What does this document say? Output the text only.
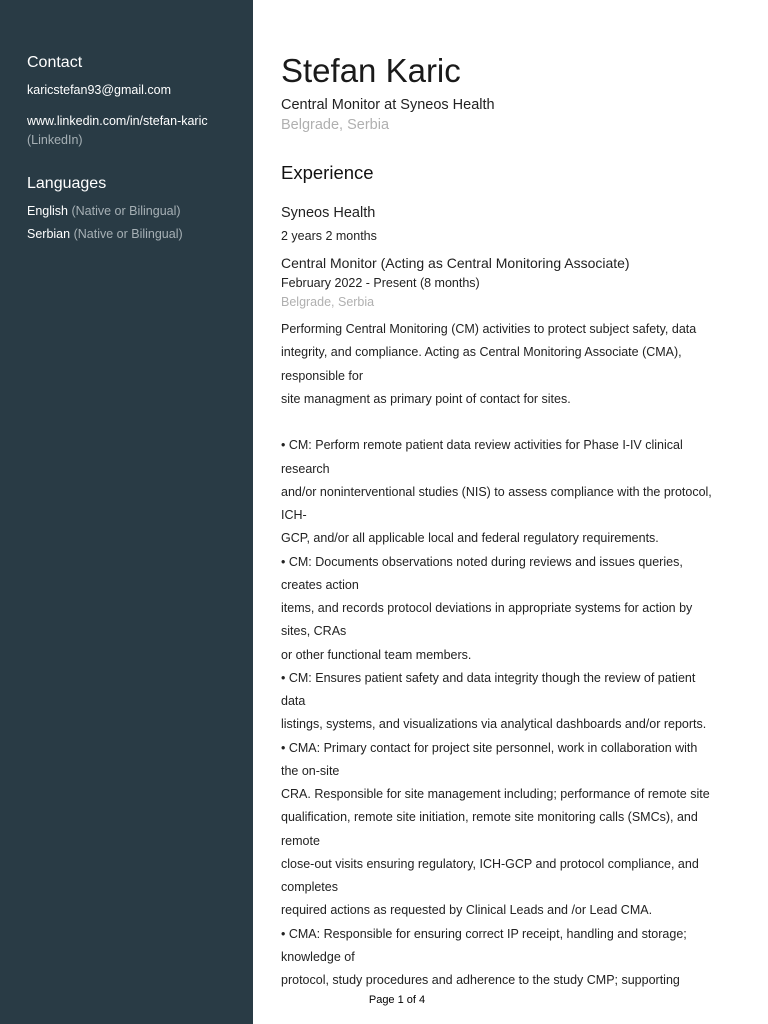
Contact

karicstefan93@gmail.com

www.linkedin.com/in/stefan-karic

(LinkedIn)

Languages

English (Native or Bilingual)

Serbian (Native or Bilingual)

Stefan Karic

Central Monitor at Syneos Health

Belgrade, Serbia

Experience

Syneos Health

2 years 2 months

Central Monitor (Acting as Central Monitoring Associate)

February 2022 - Present (8 months)

Belgrade, Serbia

Performing Central Monitoring (CM) activities to protect subject safety, data

integrity, and compliance. Acting as Central Monitoring Associate (CMA),

responsible for

site managment as primary point of contact for sites.

• CM: Perform remote patient data review activities for Phase I-IV clinical

research

and/or noninterventional studies (NIS) to assess compliance with the protocol,

ICH-

GCP, and/or all applicable local and federal regulatory requirements.

• CM: Documents observations noted during reviews and issues queries,

creates action

items, and records protocol deviations in appropriate systems for action by

sites, CRAs

or other functional team members.

• CM: Ensures patient safety and data integrity though the review of patient

data

listings, systems, and visualizations via analytical dashboards and/or reports.

• CMA: Primary contact for project site personnel, work in collaboration with

the on-site

CRA. Responsible for site management including; performance of remote site

qualification, remote site initiation, remote site monitoring calls (SMCs), and

remote

close-out visits ensuring regulatory, ICH-GCP and protocol compliance, and

completes

required actions as requested by Clinical Leads and /or Lead CMA.

• CMA: Responsible for ensuring correct IP receipt, handling and storage;

knowledge of

protocol, study procedures and adherence to the study CMP; supporting

Page 1 of 4
